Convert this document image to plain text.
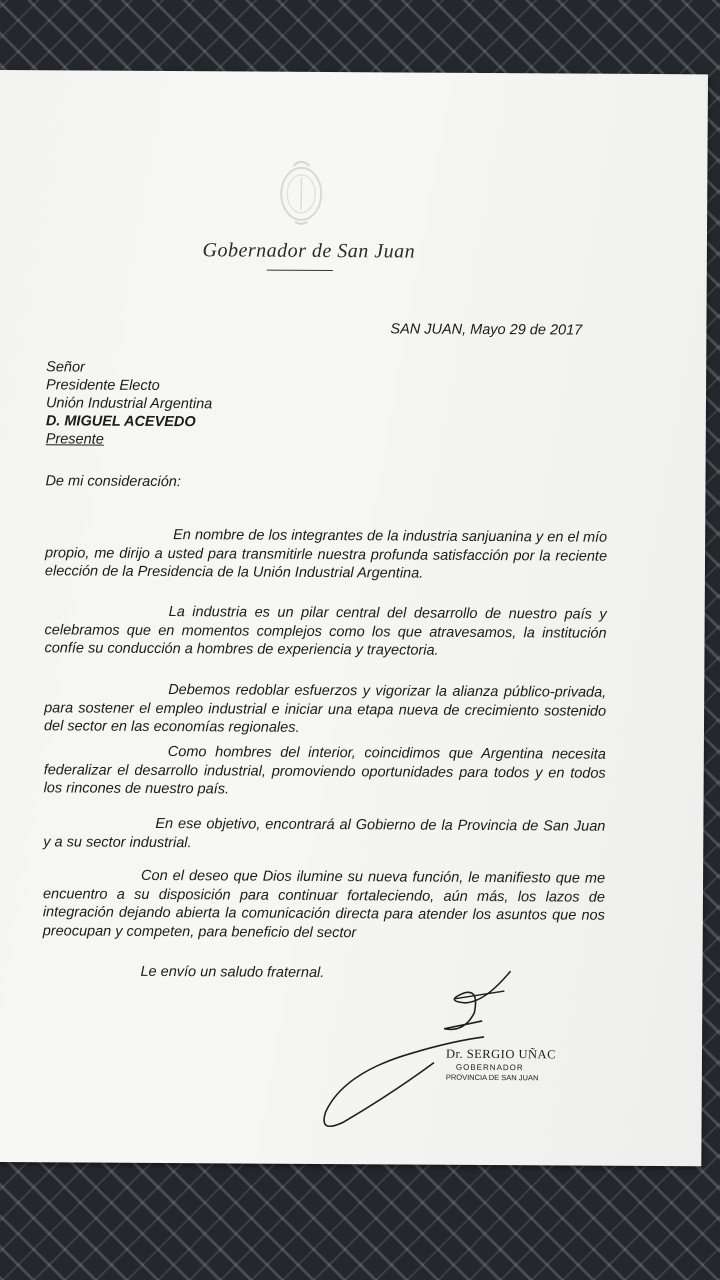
Gobernador de San Juan
SAN JUAN, Mayo 29 de 2017
Señor
Presidente Electo
Unión Industrial Argentina
D. MIGUEL ACEVEDO
Presente
De mi consideración:

En nombre de los integrantes de la industria sanjuanina y en el mío propio, me dirijo a usted para transmitirle nuestra profunda satisfacción por la reciente elección de la Presidencia de la Unión Industrial Argentina.

La industria es un pilar central del desarrollo de nuestro país y celebramos que en momentos complejos como los que atravesamos, la institución confíe su conducción a hombres de experiencia y trayectoria.

Debemos redoblar esfuerzos y vigorizar la alianza público-privada, para sostener el empleo industrial e iniciar una etapa nueva de crecimiento sostenido del sector en las economías regionales.

Como hombres del interior, coincidimos que Argentina necesita federalizar el desarrollo industrial, promoviendo oportunidades para todos y en todos los rincones de nuestro país.

En ese objetivo, encontrará al Gobierno de la Provincia de San Juan y a su sector industrial.

Con el deseo que Dios ilumine su nueva función, le manifiesto que me encuentro a su disposición para continuar fortaleciendo, aún más, los lazos de integración dejando abierta la comunicación directa para atender los asuntos que nos preocupan y competen, para beneficio del sector

Le envío un saludo fraternal.
Dr. SERGIO UÑAC
GOBERNADOR
PROVINCIA DE SAN JUAN
